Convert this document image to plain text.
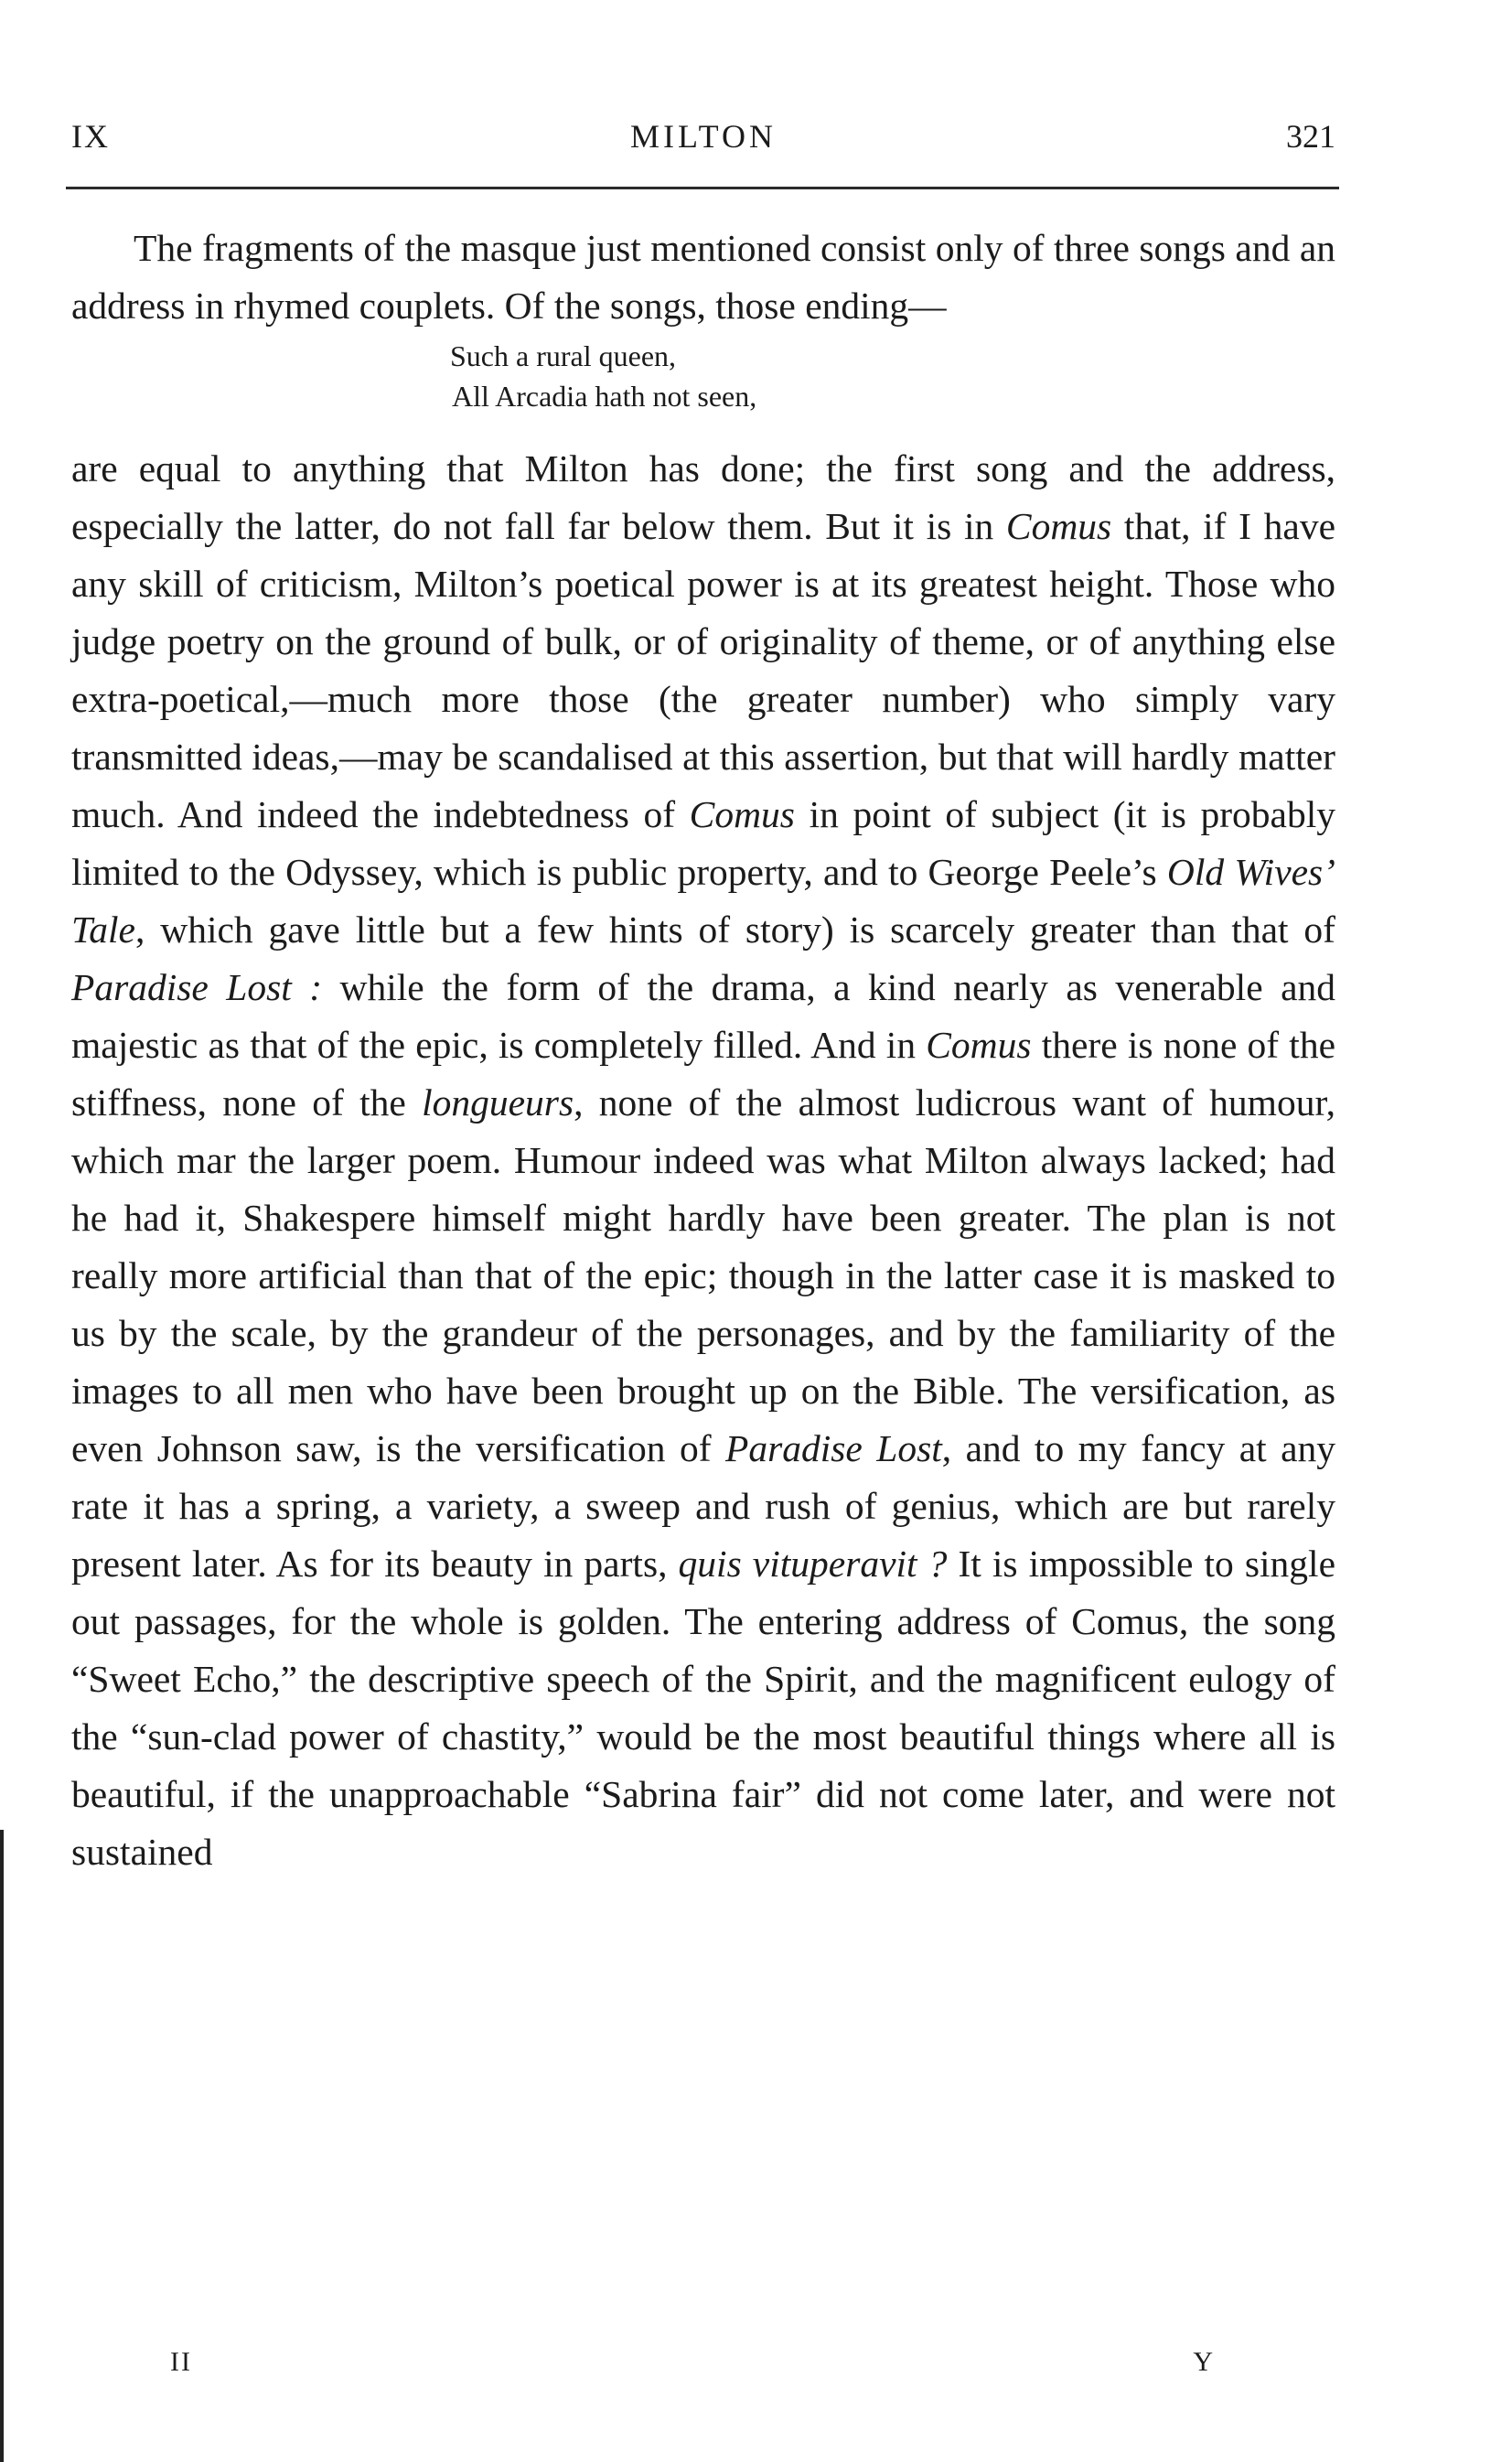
IX	MILTON	321

The fragments of the masque just mentioned consist only of three songs and an address in rhymed couplets. Of the songs, those ending—

Such a rural queen,
All Arcadia hath not seen,

are equal to anything that Milton has done; the first song and the address, especially the latter, do not fall far below them. But it is in Comus that, if I have any skill of criticism, Milton’s poetical power is at its greatest height. Those who judge poetry on the ground of bulk, or of originality of theme, or of anything else extra-poetical,—much more those (the greater number) who simply vary transmitted ideas,—may be scandalised at this assertion, but that will hardly matter much. And indeed the indebtedness of Comus in point of subject (it is probably limited to the Odyssey, which is public property, and to George Peele’s Old Wives’ Tale, which gave little but a few hints of story) is scarcely greater than that of Paradise Lost : while the form of the drama, a kind nearly as venerable and majestic as that of the epic, is completely filled. And in Comus there is none of the stiffness, none of the longueurs, none of the almost ludicrous want of humour, which mar the larger poem. Humour indeed was what Milton always lacked; had he had it, Shakespere himself might hardly have been greater. The plan is not really more artificial than that of the epic; though in the latter case it is masked to us by the scale, by the grandeur of the personages, and by the familiarity of the images to all men who have been brought up on the Bible. The versification, as even Johnson saw, is the versification of Paradise Lost, and to my fancy at any rate it has a spring, a variety, a sweep and rush of genius, which are but rarely present later. As for its beauty in parts, quis vituperavit ? It is impossible to single out passages, for the whole is golden. The entering address of Comus, the song “Sweet Echo,” the descriptive speech of the Spirit, and the magnificent eulogy of the “sun-clad power of chastity,” would be the most beautiful things where all is beautiful, if the unapproachable “Sabrina fair” did not come later, and were not sustained

II	Y
